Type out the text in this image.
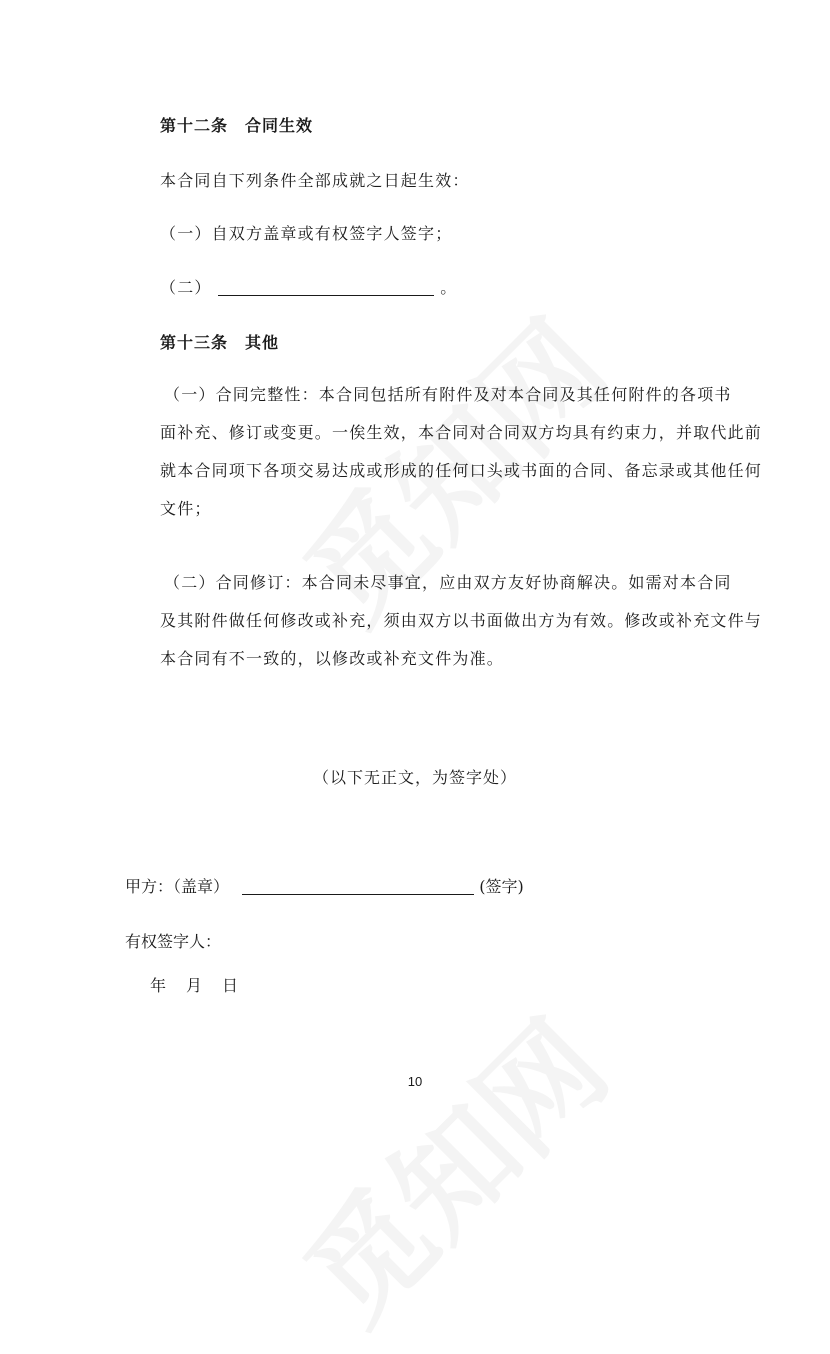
第十二条　合同生效
本合同自下列条件全部成就之日起生效：
（一）自双方盖章或有权签字人签字；
（二）	。
第十三条　其他
（一）合同完整性：本合同包括所有附件及对本合同及其任何附件的各项书
面补充、修订或变更。一俟生效，本合同对合同双方均具有约束力，并取代此前
就本合同项下各项交易达成或形成的任何口头或书面的合同、备忘录或其他任何
文件；
（二）合同修订：本合同未尽事宜，应由双方友好协商解决。如需对本合同
及其附件做任何修改或补充，须由双方以书面做出方为有效。修改或补充文件与
本合同有不一致的，以修改或补充文件为准。
（以下无正文，为签字处）
甲方：（盖章）	(签字)
有权签字人：
年　月　日
10
